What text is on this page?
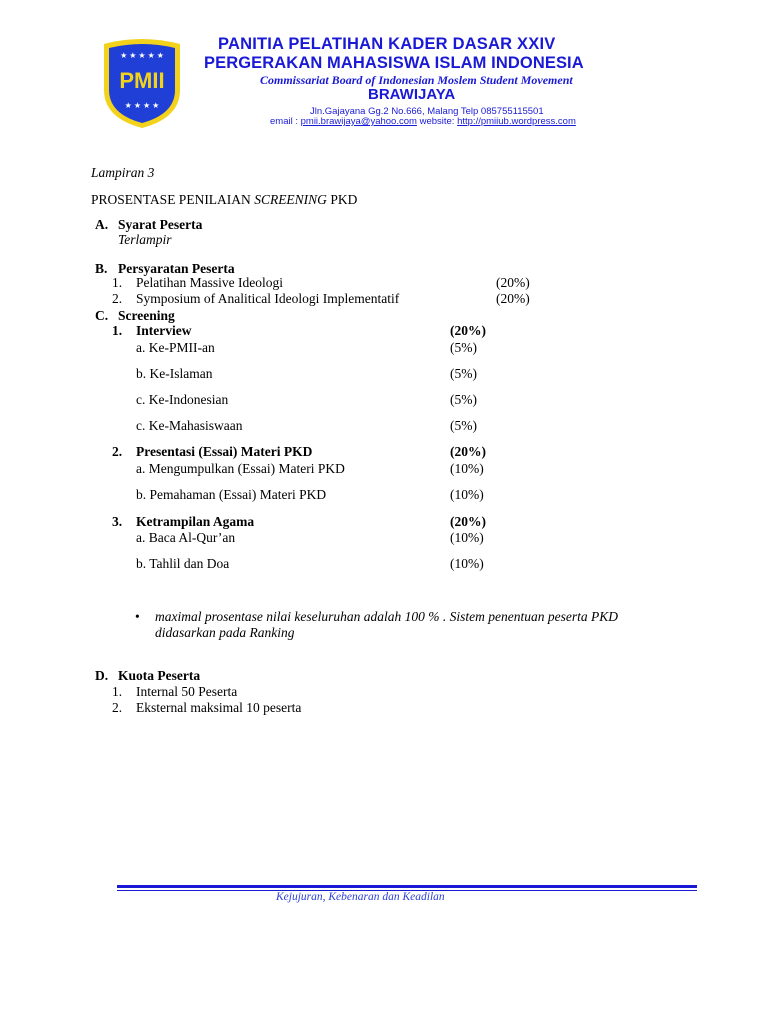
PMII
★ ★ ★ ★ ★
★ ★ ★ ★
PANITIA PELATIHAN KADER DASAR XXIV
PERGERAKAN MAHASISWA ISLAM INDONESIA
Commissariat Board of Indonesian Moslem Student Movement
BRAWIJAYA
Jln.Gajayana Gg.2 No.666, Malang Telp 085755115501
email : pmii.brawijaya@yahoo.com website: http://pmiiub.wordpress.com
Lampiran 3
PROSENTASE PENILAIAN SCREENING PKD
A. Syarat Peserta
Terlampir
B. Persyaratan Peserta
1. Pelatihan Massive Ideologi	(20%)
2. Symposium of Analitical Ideologi Implementatif	(20%)
C. Screening
1. Interview	(20%)
a. Ke-PMII-an	(5%)
b. Ke-Islaman	(5%)
c. Ke-Indonesian	(5%)
c. Ke-Mahasiswaan	(5%)
2. Presentasi (Essai) Materi PKD	(20%)
a. Mengumpulkan (Essai) Materi PKD	(10%)
b. Pemahaman (Essai) Materi PKD	(10%)
3. Ketrampilan Agama	(20%)
a. Baca Al-Qur’an	(10%)
b. Tahlil dan Doa	(10%)
• maximal prosentase nilai keseluruhan adalah 100 % . Sistem penentuan peserta PKD
didasarkan pada Ranking
D. Kuota Peserta
1. Internal 50 Peserta
2. Eksternal maksimal 10 peserta
Kejujuran, Kebenaran dan Keadilan
